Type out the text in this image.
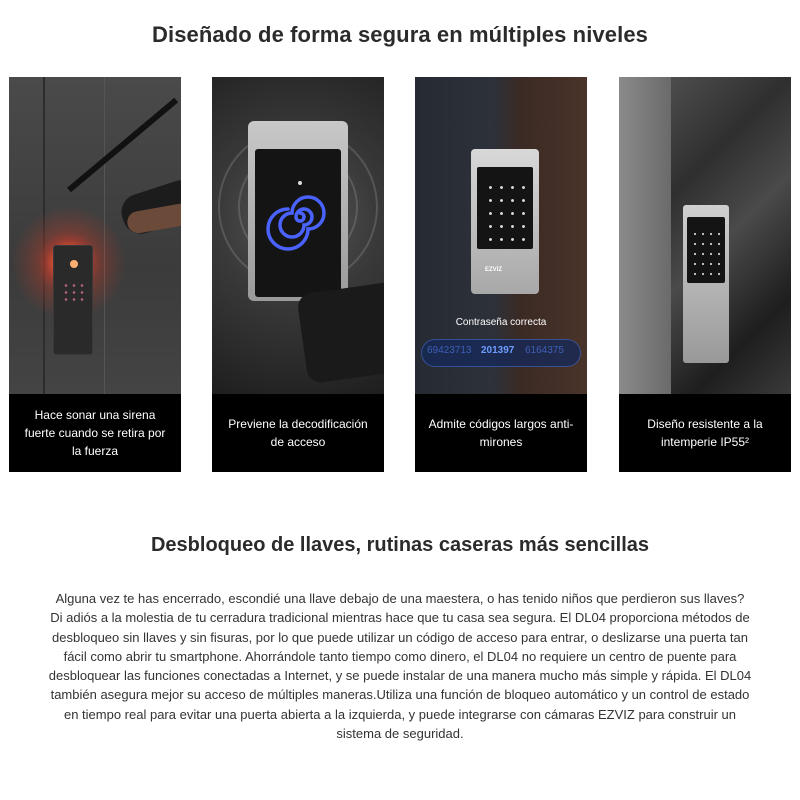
Diseñado de forma segura en múltiples niveles
Hace sonar una sirena fuerte cuando se retira por la fuerza
Previene la decodificación de acceso
EZVIZ
Contraseña correcta
69423713 201397 6164375
Admite códigos largos anti-mirones
Diseño resistente a la intemperie IP55²
Desbloqueo de llaves, rutinas caseras más sencillas

Alguna vez te has encerrado, escondié una llave debajo de una maestera, o has tenido niños que perdieron sus llaves? Di adiós a la molestia de tu cerradura tradicional mientras hace que tu casa sea segura. El DL04 proporciona métodos de desbloqueo sin llaves y sin fisuras, por lo que puede utilizar un código de acceso para entrar, o deslizarse una puerta tan fácil como abrir tu smartphone. Ahorrándole tanto tiempo como dinero, el DL04 no requiere un centro de puente para desbloquear las funciones conectadas a Internet, y se puede instalar de una manera mucho más simple y rápida. El DL04 también asegura mejor su acceso de múltiples maneras.Utiliza una función de bloqueo automático y un control de estado en tiempo real para evitar una puerta abierta a la izquierda, y puede integrarse con cámaras EZVIZ para construir un sistema de seguridad.
